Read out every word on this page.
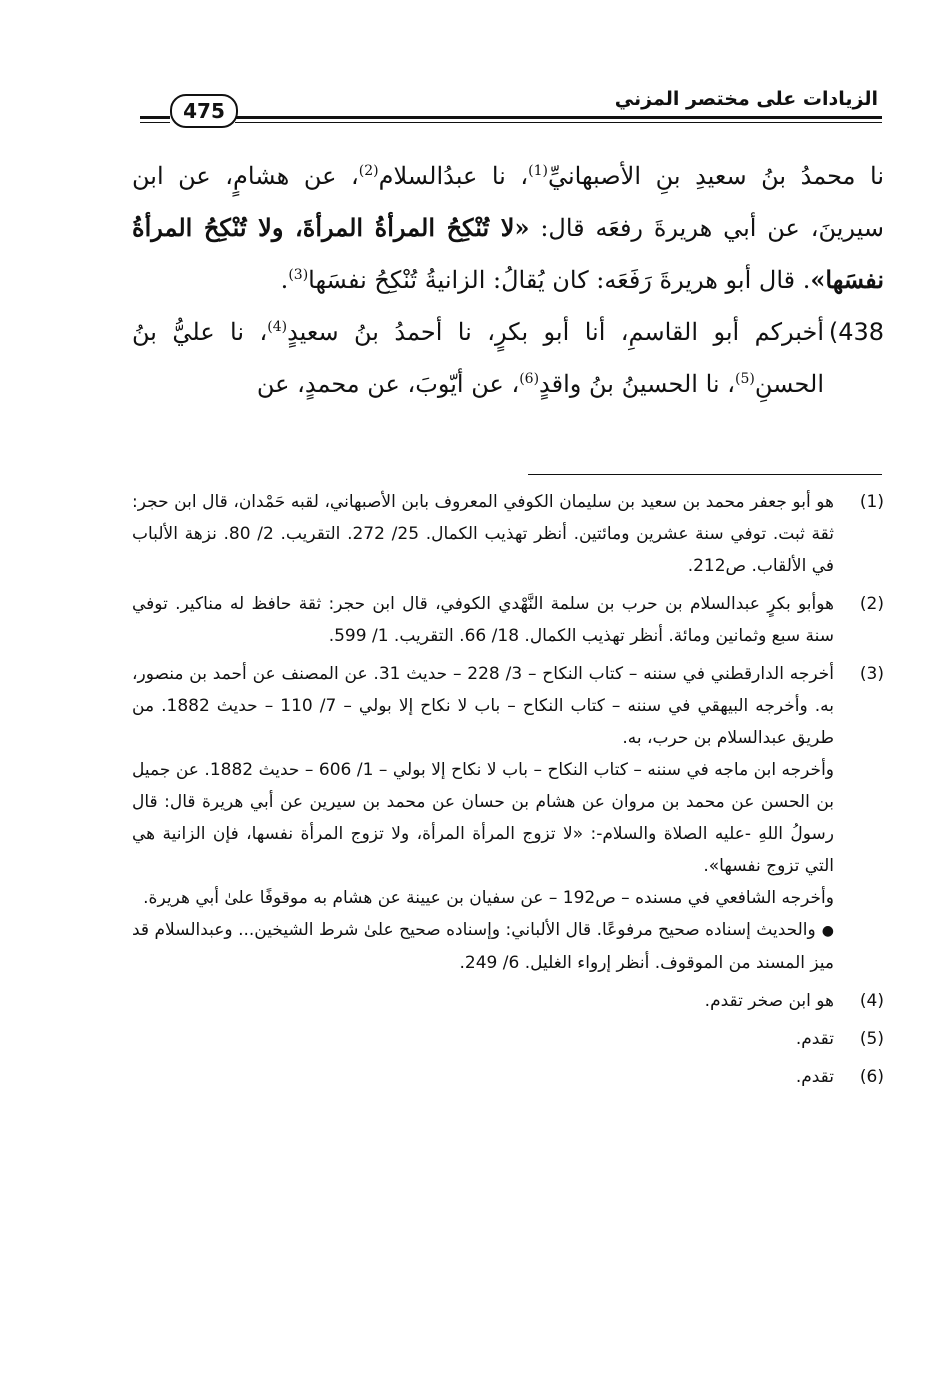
الزيادات على مختصر المزني
475

نا محمدُ بنُ سعيدِ بنِ الأصبهانيِّ$^{(1)}$، نا عبدُالسلام$^{(2)}$، عن هشامٍ، عن ابن سيرينَ، عن أبي هريرةَ رفعَه قال: «لا تُنْكِحُ المرأةُ المرأةَ، ولا تُنْكِحُ المرأةُ نفسَها». قال أبو هريرةَ رَفَعَه: كان يُقالُ: الزانيةُ تُنْكِحُ نفسَها$^{(3)}$.

438)
أخبركم أبو القاسمِ، أنا أبو بكرٍ، نا أحمدُ بنُ سعيدٍ$^{(4)}$، نا عليُّ بنُ الحسنِ$^{(5)}$، نا الحسينُ بنُ واقدٍ$^{(6)}$، عن أيّوبَ، عن محمدٍ، عن

(1)

هو أبو جعفر محمد بن سعيد بن سليمان الكوفي المعروف بابن الأصبهاني، لقبه حَمْدان، قال ابن حجر: ثقة ثبت. توفي سنة عشرين ومائتين. أنظر تهذيب الكمال. 25/ 272. التقريب. 2/ 80. نزهة الألباب في الألقاب. ص212.

(2)

هوأبو بكرٍ عبدالسلام بن حرب بن سلمة النَّهْدي الكوفي، قال ابن حجر: ثقة حافظ له مناكير. توفي سنة سبع وثمانين ومائة. أنظر تهذيب الكمال. 18/ 66. التقريب. 1/ 599.

(3)

أخرجه الدارقطني في سننه – كتاب النكاح – 3/ 228 – حديث 31. عن المصنف عن أحمد بن منصور، به. وأخرجه البيهقي في سننه – كتاب النكاح – باب لا نكاح إلا بولي – 7/ 110 – حديث 1882. من طريق عبدالسلام بن حرب، به.

وأخرجه ابن ماجه في سننه – كتاب النكاح – باب لا نكاح إلا بولي – 1/ 606 – حديث 1882. عن جميل بن الحسن عن محمد بن مروان عن هشام بن حسان عن محمد بن سيرين عن أبي هريرة قال: قال رسولُ اللهِ -عليه الصلاة والسلام-: «لا تزوج المرأة المرأة، ولا تزوج المرأة نفسها، فإن الزانية هي التي تزوج نفسها».

وأخرجه الشافعي في مسنده – ص192 – عن سفيان بن عيينة عن هشام به موقوفًا علىٰ أبي هريرة.

● والحديث إسناده صحيح مرفوعًا. قال الألباني: وإسناده صحيح علىٰ شرط الشيخين... وعبدالسلام قد ميز المسند من الموقوف. أنظر إرواء الغليل. 6/ 249.

(4)

هو ابن صخر تقدم.

(5)

تقدم.

(6)

تقدم.
